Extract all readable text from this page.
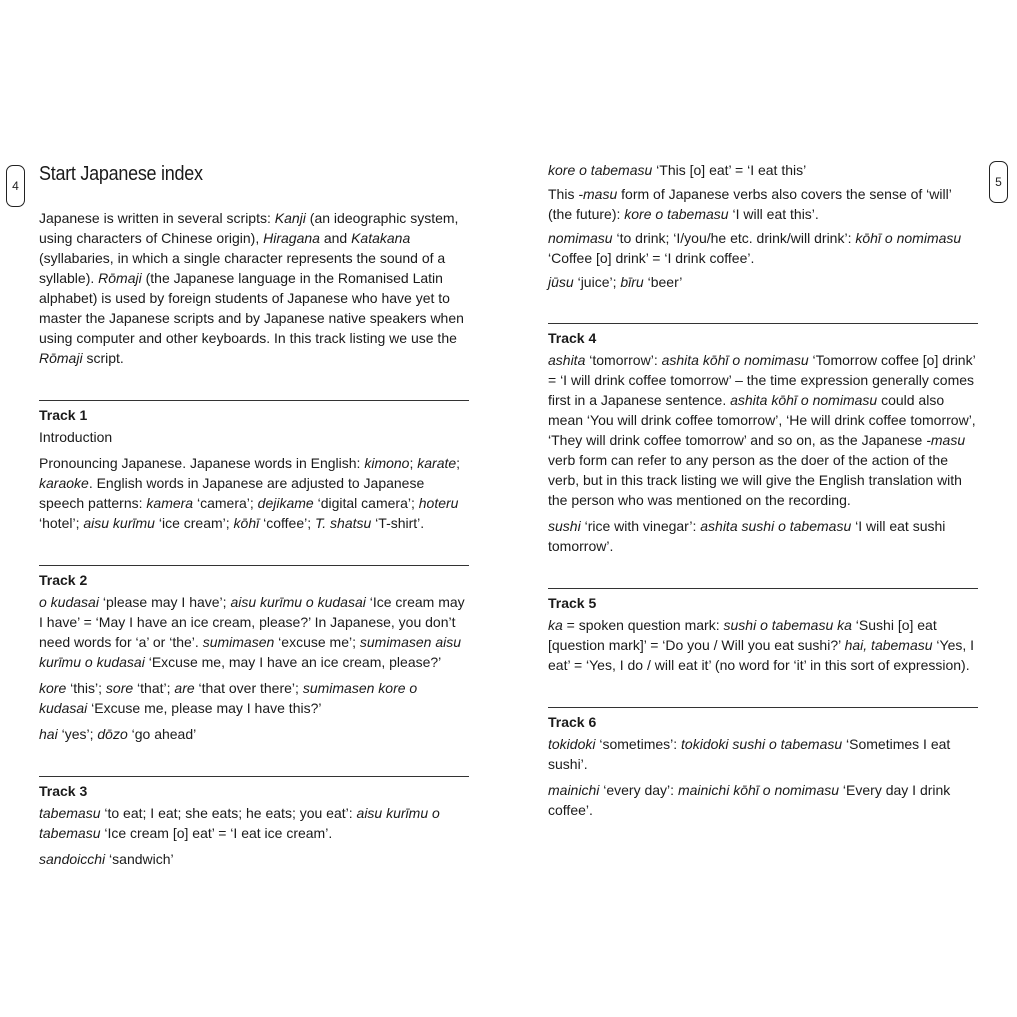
4	5
Start Japanese index

Japanese is written in several scripts: Kanji (an ideographic system, using characters of Chinese origin), Hiragana and Katakana (syllabaries, in which a single character represents the sound of a syllable). Rōmaji (the Japanese language in the Romanised Latin alphabet) is used by foreign students of Japanese who have yet to master the Japanese scripts and by Japanese native speakers when using computer and other keyboards. In this track listing we use the Rōmaji script.

Track 1

Introduction

Pronouncing Japanese. Japanese words in English: kimono; karate; karaoke. English words in Japanese are adjusted to Japanese speech patterns: kamera ‘camera’; dejikame ‘digital camera’; hoteru ‘hotel’; aisu kurīmu ‘ice cream’; kōhī ‘coffee’; T. shatsu ‘T-shirt’.

Track 2

o kudasai ‘please may I have’; aisu kurīmu o kudasai ‘Ice cream may I have’ = ‘May I have an ice cream, please?’ In Japanese, you don’t need words for ‘a’ or ‘the’. sumimasen ‘excuse me’; sumimasen aisu kurīmu o kudasai ‘Excuse me, may I have an ice cream, please?’

kore ‘this’; sore ‘that’; are ‘that over there’; sumimasen kore o kudasai ‘Excuse me, please may I have this?’

hai ‘yes’; dōzo ‘go ahead’

Track 3

tabemasu ‘to eat; I eat; she eats; he eats; you eat’: aisu kurīmu o tabemasu ‘Ice cream [o] eat’ = ‘I eat ice cream’.

sandoicchi ‘sandwich’

kore o tabemasu ‘This [o] eat’ = ‘I eat this’

This -masu form of Japanese verbs also covers the sense of ‘will’ (the future): kore o tabemasu ‘I will eat this’.

nomimasu ‘to drink; ‘I/you/he etc. drink/will drink’: kōhī o nomimasu ‘Coffee [o] drink’ = ‘I drink coffee’.

jūsu ‘juice’; bīru ‘beer’

Track 4

ashita ‘tomorrow’: ashita kōhī o nomimasu ‘Tomorrow coffee [o] drink’ = ‘I will drink coffee tomorrow’ – the time expression generally comes first in a Japanese sentence. ashita kōhī o nomimasu could also mean ‘You will drink coffee tomorrow’, ‘He will drink coffee tomorrow’, ‘They will drink coffee tomorrow’ and so on, as the Japanese -masu verb form can refer to any person as the doer of the action of the verb, but in this track listing we will give the English translation with the person who was mentioned on the recording.

sushi ‘rice with vinegar’: ashita sushi o tabemasu ‘I will eat sushi tomorrow’.

Track 5

ka = spoken question mark: sushi o tabemasu ka ‘Sushi [o] eat [question mark]’ = ‘Do you / Will you eat sushi?’ hai, tabemasu ‘Yes, I eat’ = ‘Yes, I do / will eat it’ (no word for ‘it’ in this sort of expression).

Track 6

tokidoki ‘sometimes’: tokidoki sushi o tabemasu ‘Sometimes I eat sushi’.

mainichi ‘every day’: mainichi kōhī o nomimasu ‘Every day I drink coffee’.
